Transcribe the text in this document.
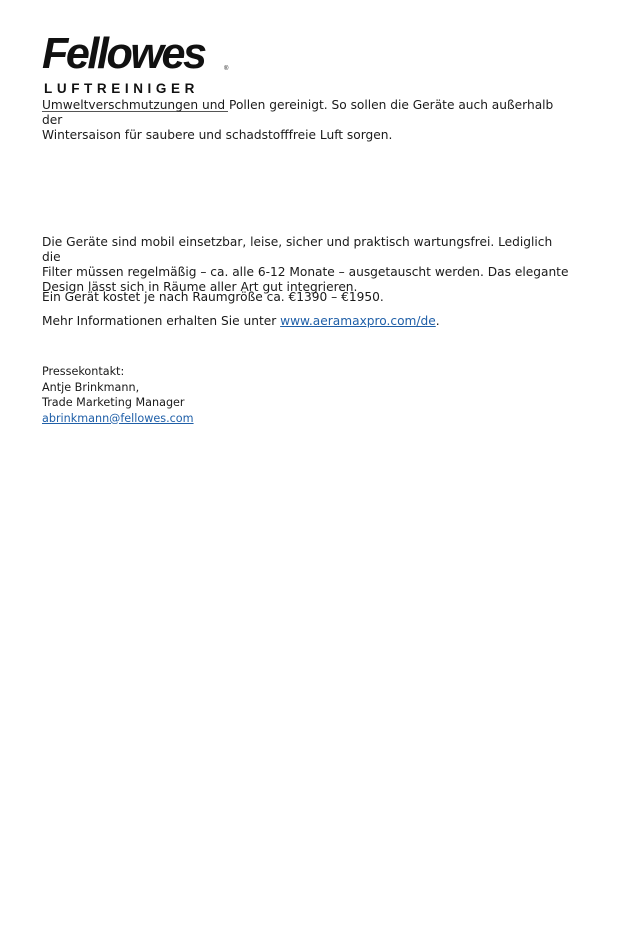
Fellowes	®
LUFTREINIGER

Umweltverschmutzungen und Pollen gereinigt. So sollen die Geräte auch außerhalb der
Wintersaison für saubere und schadstofffreie Luft sorgen.

Die Geräte sind mobil einsetzbar, leise, sicher und praktisch wartungsfrei. Lediglich die
Filter müssen regelmäßig – ca. alle 6-12 Monate – ausgetauscht werden. Das elegante
Design lässt sich in Räume aller Art gut integrieren.

Ein Gerät kostet je nach Raumgröße ca. €1390 – €1950.

Mehr Informationen erhalten Sie unter www.aeramaxpro.com/de.

Pressekontakt:
Antje Brinkmann,
Trade Marketing Manager
abrinkmann@fellowes.com
